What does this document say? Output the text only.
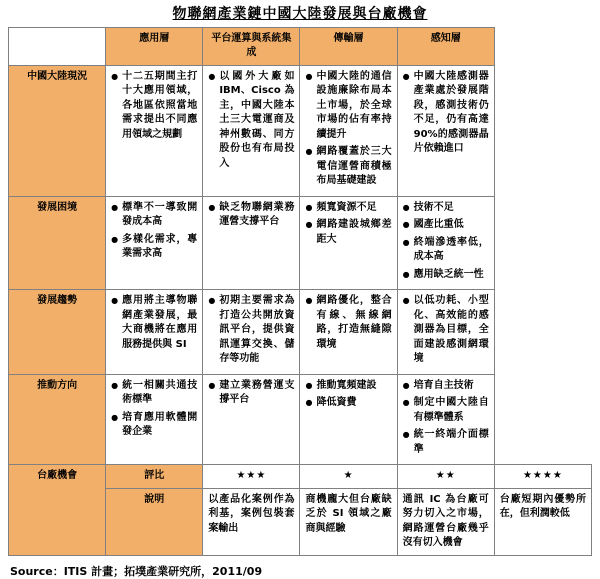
物聯網產業鏈中國大陸發展與台廠機會
	應用層	平台運算與系統集成	傳輸層	感知層	
中國大陸現況	
●十二五期間主打十大應用領域，各地區依照當地需求提出不同應用領域之規劃

● 以國外大廠如 IBM、Cisco 為主，中國大陸本土三大電運商及神州數碼、同方股份也有布局投入

● 中國大陸的通信設施廉除布局本土市場，於全球市場的佔有率持續提升
● 網路覆蓋於三大電信運營商積極布局基礎建設

● 中國大陸感測器產業處於發展階段，感測技術仍不足，仍有高達 90%的感測器晶片依賴進口

發展困境	
●標準不一導致開發成本高
● 多樣化需求，專業需求高

● 缺乏物聯網業務運營支撐平台

● 頻寬資源不足
● 網路建設城鄉差距大

● 技術不足
● 國產比重低
● 終端滲透率低，成本高
● 應用缺乏統一性

發展趨勢	
●應用將主導物聯網產業發展，最大商機將在應用服務提供與 SI

● 初期主要需求為打造公共開放資訊平台，提供資訊運算交換、儲存等功能

● 網路優化，整合有線、無線網路，打造無縫隙環境

● 以低功耗、小型化、高效能的感測器為目標，全面建設感測網環境

推動方向	
●統一相關共通技術標準
● 培育應用軟體開發企業

● 建立業務營運支撐平台

● 推動寬頻建設
● 降低資費

● 培育自主技術
● 制定中國大陸自有標準體系
● 統一終端介面標準

台廠機會	評比	★★★	★	★★	★★★★
	說明	以產品化案例作為利基，案例包裝套案輸出	商機龐大但台廠缺乏於 SI 領域之廠商與經驗	通訊 IC 為台廠可努力切入之市場，網路運營台廠幾乎沒有切入機會	台廠短期內優勢所在，但利潤較低
Source：ITIS 計畫；拓墣產業研究所，2011/09
